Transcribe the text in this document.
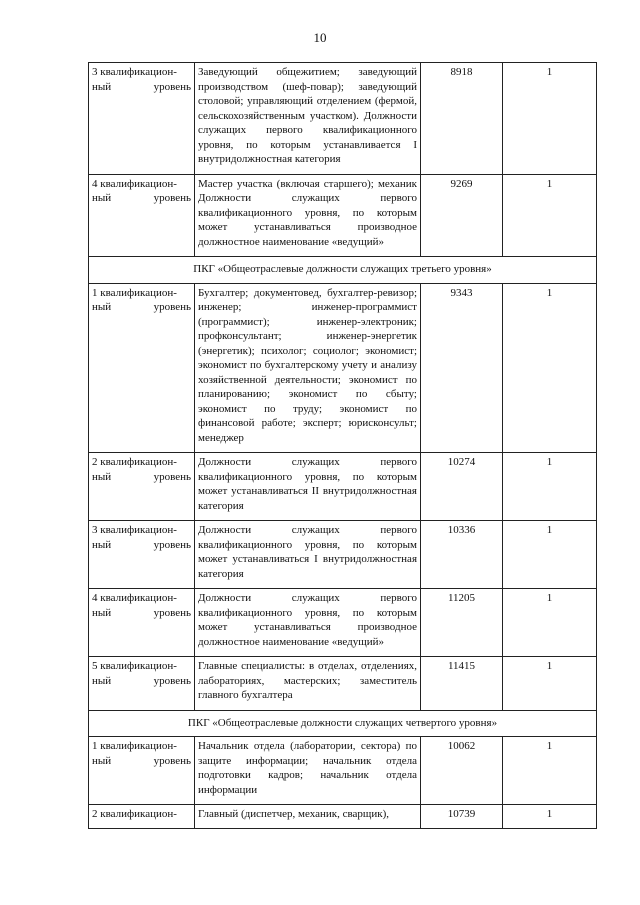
10
3 квалификацион-
ный уровень	Заведующий общежитием; заведующий производством (шеф-повар); заведующий столовой; управляющий отделением (фермой, сельскохозяйственным участком). Должности служащих первого квалификационного уровня, по которым устанавливается I внутридолжностная категория	8918	1

4 квалификацион-
ный уровень	Мастер участка (включая старшего); механик Должности служащих первого квалификационного уровня, по которым может устанавливаться производное должностное наименование «ведущий»	9269	1
ПКГ «Общеотраслевые должности служащих третьего уровня»			

1 квалификацион-
ный уровень	Бухгалтер; документовед, бухгалтер-ревизор; инженер; инженер-программист (программист); инженер-электроник; профконсультант; инженер-энергетик (энергетик); психолог; социолог; экономист; экономист по бухгалтерскому учету и анализу хозяйственной деятельности; экономист по планированию; экономист по сбыту; экономист по труду; экономист по финансовой работе; эксперт; юрисконсульт; менеджер	9343	1

2 квалификацион-
ный уровень	Должности служащих первого квалификационного уровня, по которым может устанавливаться II внутридолжностная категория	10274	1

3 квалификацион-
ный уровень	Должности служащих первого квалификационного уровня, по которым может устанавливаться I внутридолжностная категория	10336	1

4 квалификацион-
ный уровень	Должности служащих первого квалификационного уровня, по которым может устанавливаться производное должностное наименование «ведущий»	11205	1

5 квалификацион-
ный уровень	Главные специалисты: в отделах, отделениях, лабораториях, мастерских; заместитель главного бухгалтера	11415	1
ПКГ «Общеотраслевые должности служащих четвертого уровня»			

1 квалификацион-
ный уровень	Начальник отдела (лаборатории, сектора) по защите информации; начальник отдела подготовки кадров; начальник отдела информации	10062	1

2 квалификацион-	Главный (диспетчер, механик, сварщик),	10739	1
